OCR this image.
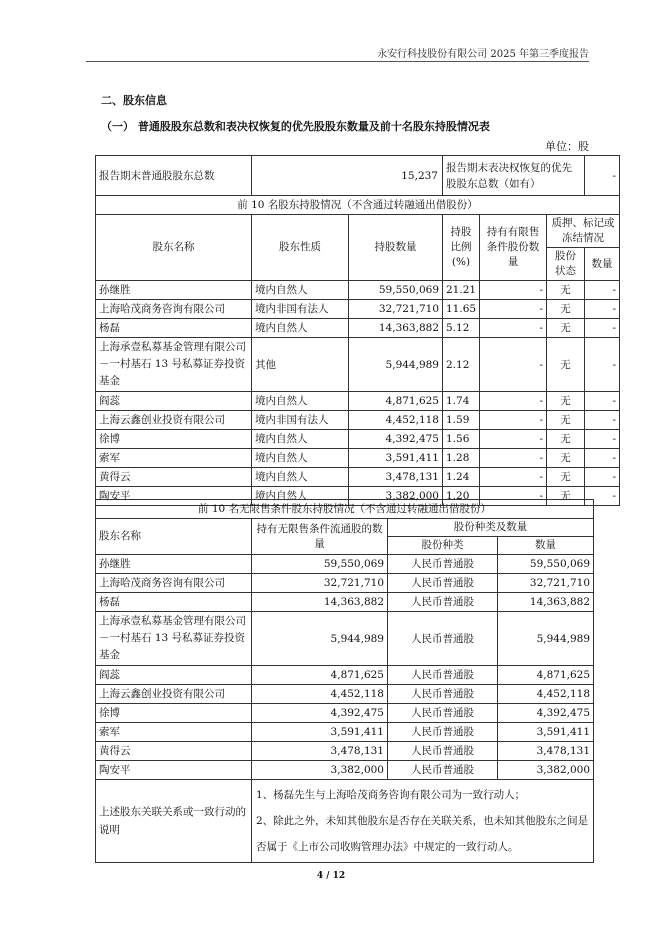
永安行科技股份有限公司 2025 年第三季度报告
二、股东信息
（一） 普通股股东总数和表决权恢复的优先股股东数量及前十名股东持股情况表
单位：股
报告期末普通股股东总数	15,237		报告期末表决权恢复的优先股股东总数（如有）			-
前 10 名股东持股情况（不含通过转融通出借股份）						
股东名称	股东性质	持股数量	持股比例(%)	持有有限售条件股份数量	质押、标记或冻结情况	
					股份状态	数量
孙继胜	境内自然人	59,550,069	21.21	-	无	-
上海哈茂商务咨询有限公司	境内非国有法人	32,721,710	11.65	-	无	-
杨磊	境内自然人	14,363,882	5.12	-	无	-
上海承壹私募基金管理有限公司－一村基石 13 号私募证券投资基金	其他	5,944,989	2.12	-	无	-
阎蕊	境内自然人	4,871,625	1.74	-	无	-
上海云鑫创业投资有限公司	境内非国有法人	4,452,118	1.59	-	无	-
徐博	境内自然人	4,392,475	1.56	-	无	-
索军	境内自然人	3,591,411	1.28	-	无	-
黄得云	境内自然人	3,478,131	1.24	-	无	-
陶安平	境内自然人	3,382,000	1.20	-	无	-
前 10 名无限售条件股东持股情况（不含通过转融通出借股份）			
股东名称	持有无限售条件流通股的数量	股份种类及数量	
		股份种类	数量
孙继胜	59,550,069	人民币普通股	59,550,069
上海哈茂商务咨询有限公司	32,721,710	人民币普通股	32,721,710
杨磊	14,363,882	人民币普通股	14,363,882
上海承壹私募基金管理有限公司－一村基石 13 号私募证券投资基金	5,944,989	人民币普通股	5,944,989
阎蕊	4,871,625	人民币普通股	4,871,625
上海云鑫创业投资有限公司	4,452,118	人民币普通股	4,452,118
徐博	4,392,475	人民币普通股	4,392,475
索军	3,591,411	人民币普通股	3,591,411
黄得云	3,478,131	人民币普通股	3,478,131
陶安平	3,382,000	人民币普通股	3,382,000
上述股东关联关系或一致行动的说明	1、杨磊先生与上海哈茂商务咨询有限公司为一致行动人；

2、除此之外，未知其他股东是否存在关联关系，也未知其他股东之间是否属于《上市公司收购管理办法》中规定的一致行动人。		

4 / 12
